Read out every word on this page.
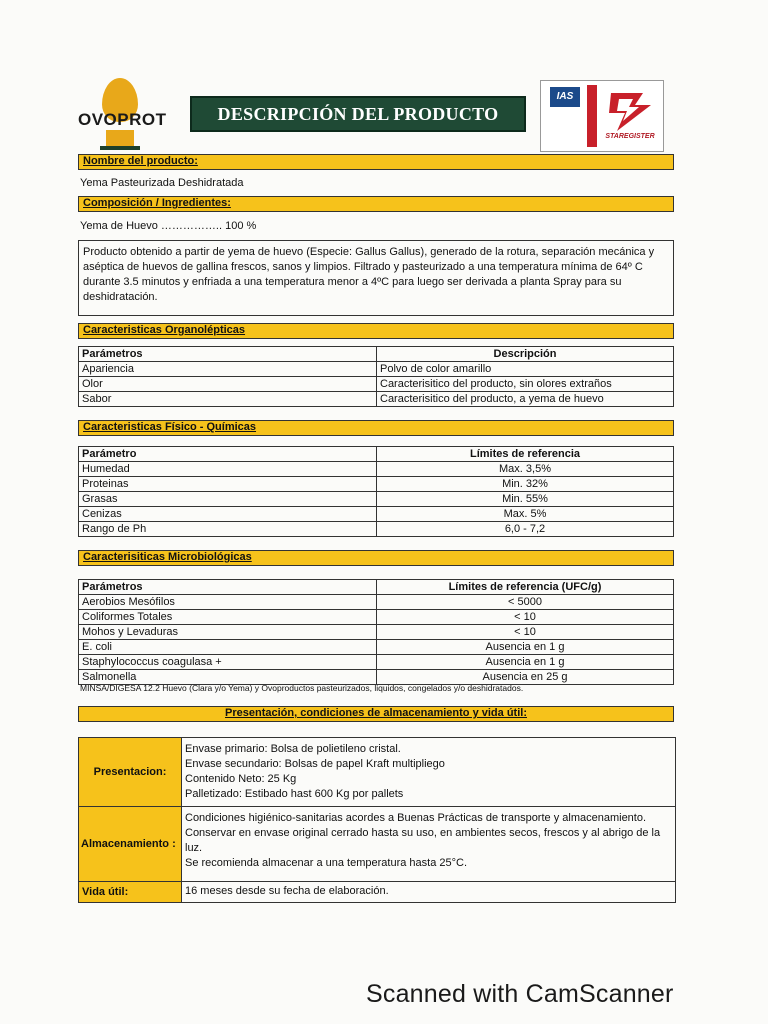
OVOPROT	DESCRIPCIÓN DEL PRODUCTO
IAS
STAREGISTER
Nombre del producto:
Yema Pasteurizada Deshidratada
Composición / Ingredientes:
Yema de Huevo …………….. 100 %
Producto obtenido a partir de yema de huevo (Especie: Gallus Gallus), generado de la rotura, separación mecánica y aséptica de huevos de gallina frescos, sanos y limpios. Filtrado y pasteurizado a una temperatura mínima de 64º C durante 3.5 minutos y enfriada a una temperatura menor a 4ºC para luego ser derivada a planta Spray para su deshidratación.
Caracteristicas Organolépticas
Parámetros	Descripción
Apariencia	Polvo de color amarillo
Olor	Caracterisitico del producto, sin olores extraños
Sabor	Caracterisitico del producto, a yema de huevo
Caracteristicas Físico - Químicas
Parámetro	Límites de referencia
Humedad	Max. 3,5%
Proteinas	Min. 32%
Grasas	Min. 55%
Cenizas	Max. 5%
Rango de Ph	6,0 - 7,2
Caracterisiticas Microbiológicas
Parámetros	Límites de referencia (UFC/g)
Aerobios Mesófilos	< 5000
Coliformes Totales	< 10
Mohos y Levaduras	< 10
E. coli	Ausencia en 1 g
Staphylococcus coagulasa +	Ausencia en 1 g
Salmonella	Ausencia en 25 g
MINSA/DIGESA 12.2 Huevo (Clara y/o Yema) y Ovoproductos pasteurizados, liquidos, congelados y/o deshidratados.
Presentación, condiciones de almacenamiento y vida útil:
Presentacion:	Envase primario: Bolsa de polietileno cristal.
Envase secundario: Bolsas de papel Kraft multipliego
Contenido Neto: 25 Kg
Palletizado: Estibado hast 600 Kg por pallets

Almacenamiento :	Condiciones higiénico-sanitarias acordes a Buenas Prácticas de transporte y almacenamiento.
Conservar en envase original cerrado hasta su uso, en ambientes secos, frescos y al abrigo de la luz.
Se recomienda almacenar a una temperatura hasta 25°C.

Vida útil:	16 meses desde su fecha de elaboración.
Scanned with CamScanner
